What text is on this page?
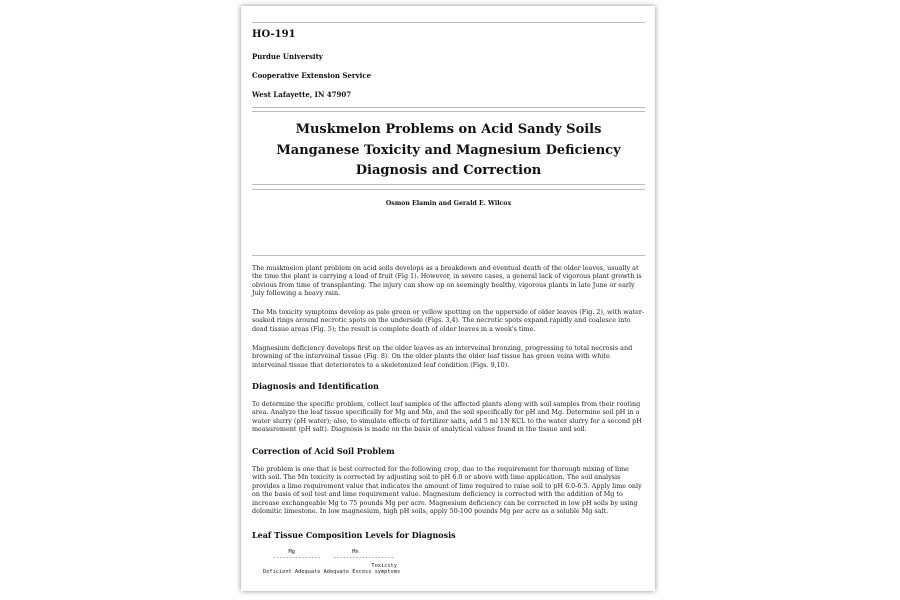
HO-191
Purdue University
Cooperative Extension Service
West Lafayette, IN 47907
Muskmelon Problems on Acid Sandy Soils
Manganese Toxicity and Magnesium Deficiency
Diagnosis and Correction
Osmon Elamin and Gerald E. Wilcox

The muskmelon plant problem on acid soils develops as a breakdown and eventual death of the older leaves, usually at the time the plant is carrying a load of fruit (Fig 1). However, in severe cases, a general lack of vigorous plant growth is obvious from time of transplanting. The injury can show up on seemingly healthy, vigorous plants in late June or early July following a heavy rain.

The Mn toxicity symptoms develop as pale green or yellow spotting on the upperside of older leaves (Fig. 2), with water-soaked rings around necrotic spots on the underside (Figs. 3,4). The necrotic spots expand rapidly and coalesce into dead tissue areas (Fig. 5); the result is complete death of older leaves in a week's time.

Magnesium deficiency develops first on the older leaves as an interveinal bronzing, progressing to total necrosis and browning of the interveinal tissue (Fig. 8). On the older plants the older leaf tissue has green veins with white interveinal tissue that deteriorates to a skeletonized leaf condition (Figs. 9,10).

Diagnosis and Identification

To determine the specific problem, collect leaf samples of the affected plants along with soil samples from their rooting area. Analyze the leaf tissue specifically for Mg and Mn, and the soil specifically for pH and Mg. Determine soil pH in a water slurry (pH water); also, to simulate effects of fertilizer salts, add 5 ml 1N KCL to the water slurry for a second pH measurement (pH salt). Diagnosis is made on the basis of analytical values found in the tissue and soil.

Correction of Acid Soil Problem

The problem is one that is best corrected for the following crop, due to the requirement for thorough mixing of lime with soil. The Mn toxicity is corrected by adjusting soil to pH 6.0 or above with lime application. The soil analysis provides a lime requirement value that indicates the amount of lime required to raise soil to pH 6.0-6.5. Apply lime only on the basis of soil test and lime requirement value. Magnesium deficiency is corrected with the addition of Mg to increase exchangeable Mg to 75 pounds Mg per acre. Magnesium deficiency can be corrected in low pH soils by using dolomitic limestone. In low magnesium, high pH soils, apply 50-100 pounds Mg per acre as a soluble Mg salt.

Leaf Tissue Composition Levels for Diagnosis
Mg                  Mn
---------------    -------------------
Toxicity
Deficient Adequate Adequate Excess symptoms
